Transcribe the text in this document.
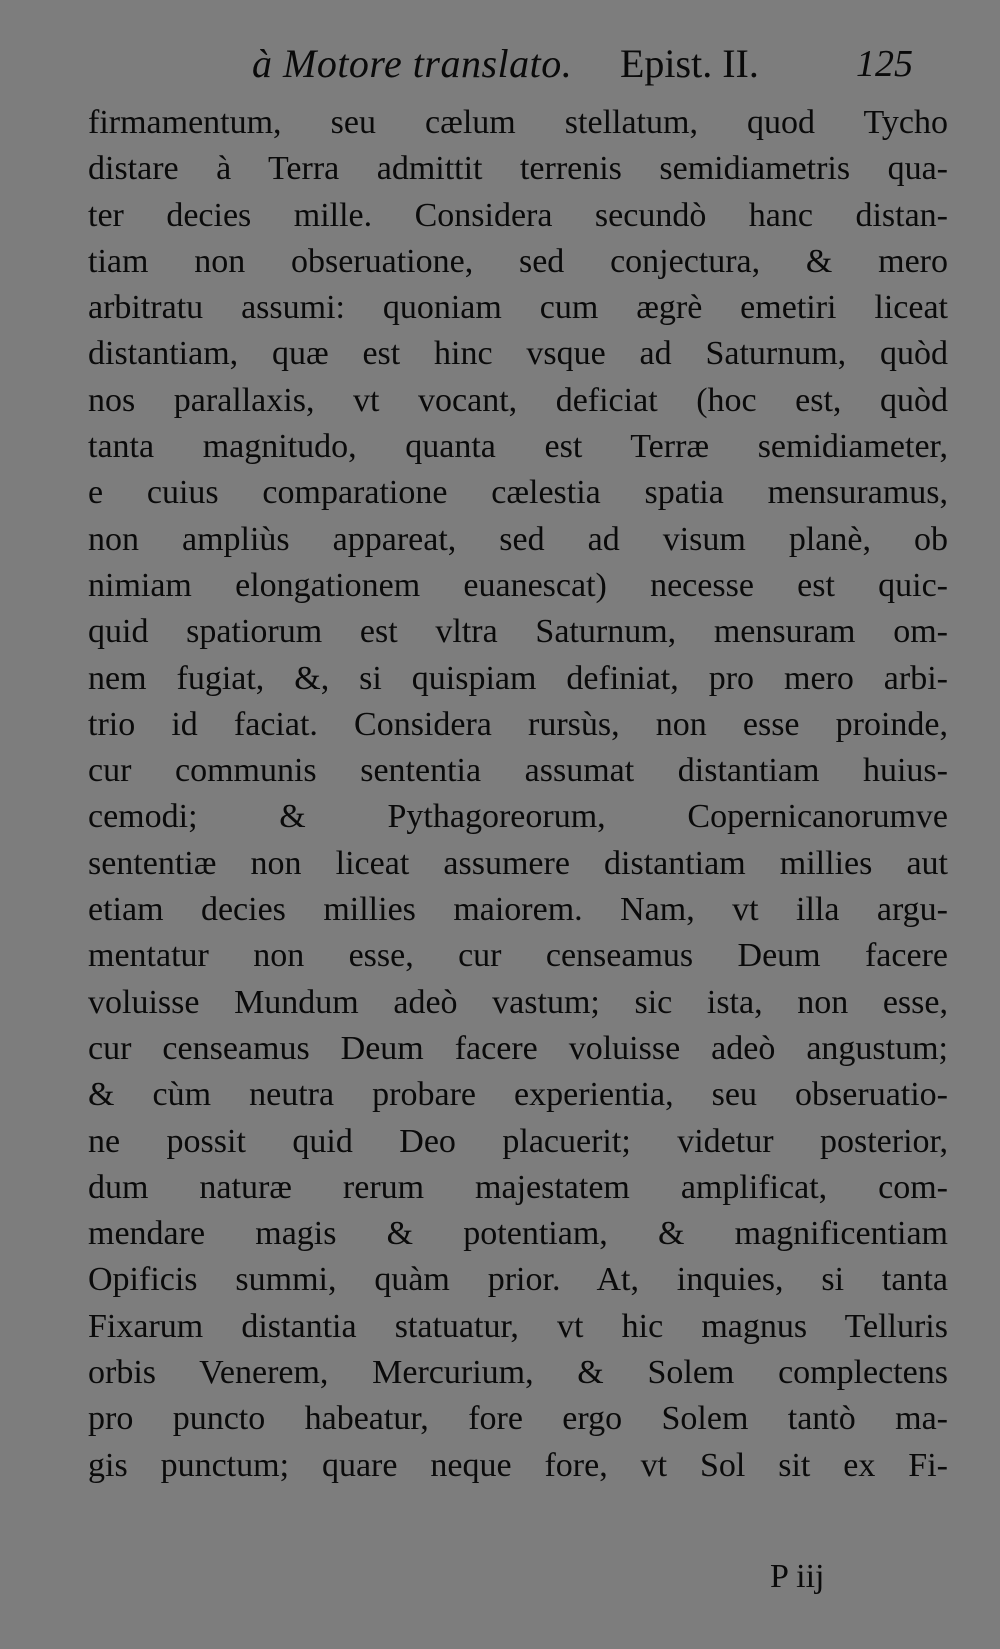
à Motore translato. Epist. II.	125
firmamentum, seu cælum stellatum, quod Tycho
distare à Terra admittit terrenis semidiametris qua-
ter decies mille. Considera secundò hanc distan-
tiam non obseruatione, sed conjectura, & mero
arbitratu assumi: quoniam cum ægrè emetiri liceat
distantiam, quæ est hinc vsque ad Saturnum, quòd
nos parallaxis, vt vocant, deficiat (hoc est, quòd
tanta magnitudo, quanta est Terræ semidiameter,
e cuius comparatione cælestia spatia mensuramus,
non ampliùs appareat, sed ad visum planè, ob
nimiam elongationem euanescat) necesse est quic-
quid spatiorum est vltra Saturnum, mensuram om-
nem fugiat, &, si quispiam definiat, pro mero arbi-
trio id faciat. Considera rursùs, non esse proinde,
cur communis sententia assumat distantiam huius-
cemodi; & Pythagoreorum, Copernicanorumve
sententiæ non liceat assumere distantiam millies aut
etiam decies millies maiorem. Nam, vt illa argu-
mentatur non esse, cur censeamus Deum facere
voluisse Mundum adeò vastum; sic ista, non esse,
cur censeamus Deum facere voluisse adeò angustum;
& cùm neutra probare experientia, seu obseruatio-
ne possit quid Deo placuerit; videtur posterior,
dum naturæ rerum majestatem amplificat, com-
mendare magis & potentiam, & magnificentiam
Opificis summi, quàm prior. At, inquies, si tanta
Fixarum distantia statuatur, vt hic magnus Telluris
orbis Venerem, Mercurium, & Solem complectens
pro puncto habeatur, fore ergo Solem tantò ma-
gis punctum; quare neque fore, vt Sol sit ex Fi-
P iij
